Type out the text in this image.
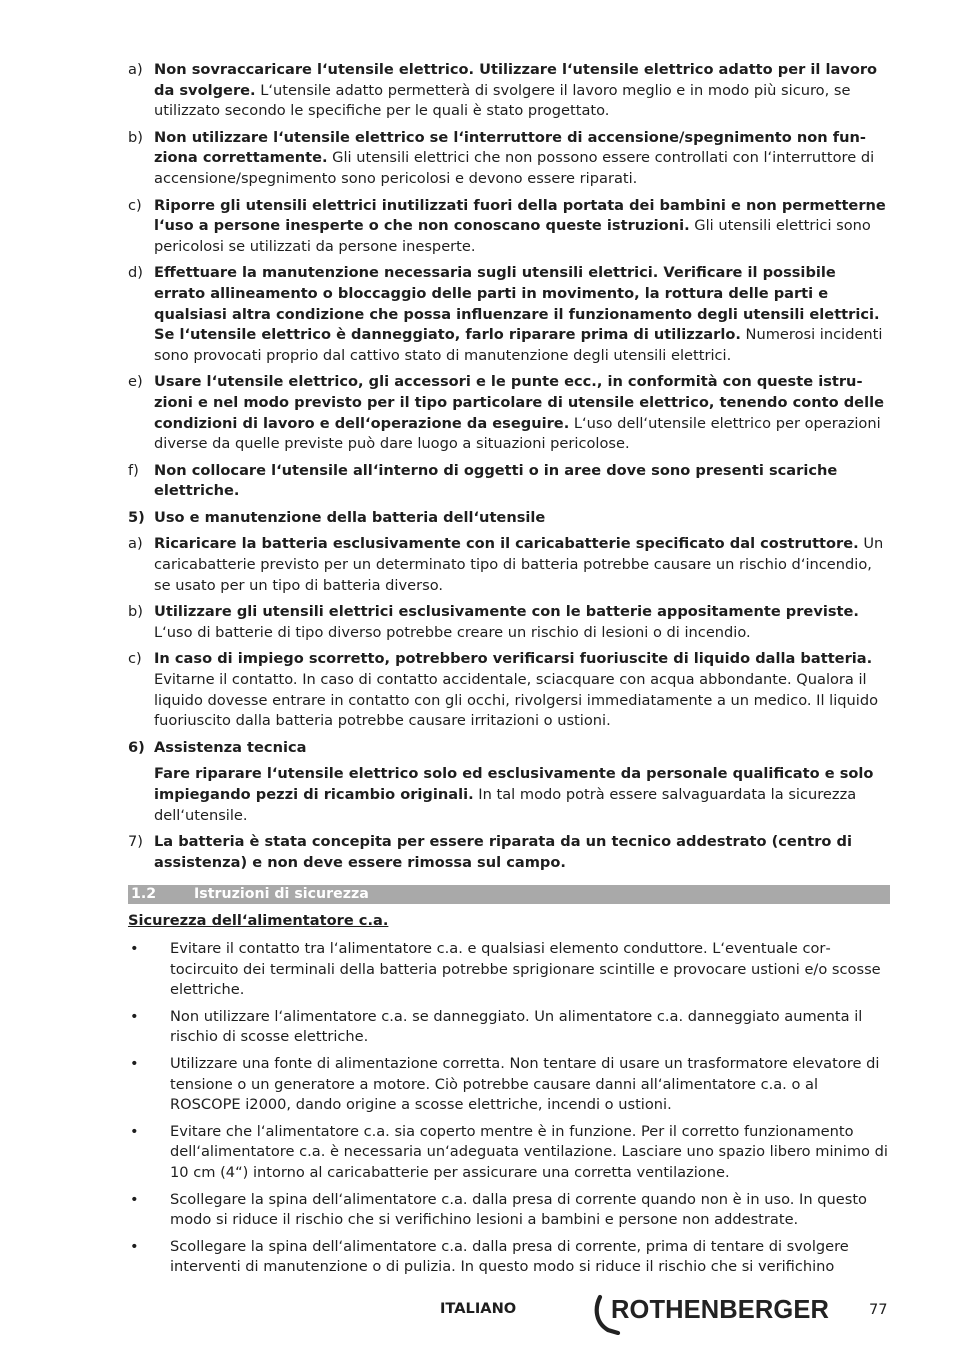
a) Non sovraccaricare l‘utensile elettrico. Utilizzare l‘utensile elettrico adatto per il lavoro da svolgere. L‘utensile adatto permetterà di svolgere il lavoro meglio e in modo più sicuro, se utilizzato secondo le specifiche per le quali è stato progettato.
b) Non utilizzare l‘utensile elettrico se l‘interruttore di accensione/spegnimento non funziona correttamente. Gli utensili elettrici che non possono essere controllati con l‘interruttore di accensione/spegnimento sono pericolosi e devono essere riparati.
c) Riporre gli utensili elettrici inutilizzati fuori della portata dei bambini e non permetterne l‘uso a persone inesperte o che non conoscano queste istruzioni. Gli utensili elettrici sono pericolosi se utilizzati da persone inesperte.
d) Effettuare la manutenzione necessaria sugli utensili elettrici. Verificare il possibile errato allineamento o bloccaggio delle parti in movimento, la rottura delle parti e qualsiasi altra condizione che possa influenzare il funzionamento degli utensili elettrici. Se l‘utensile elettrico è danneggiato, farlo riparare prima di utilizzarlo. Numerosi incidenti sono provocati proprio dal cattivo stato di manutenzione degli utensili elettrici.
e) Usare l‘utensile elettrico, gli accessori e le punte ecc., in conformità con queste istruzioni e nel modo previsto per il tipo particolare di utensile elettrico, tenendo conto delle condizioni di lavoro e dell‘operazione da eseguire. L‘uso dell‘utensile elettrico per operazioni diverse da quelle previste può dare luogo a situazioni pericolose.
f) Non collocare l‘utensile all‘interno di oggetti o in aree dove sono presenti scariche elettriche.
5) Uso e manutenzione della batteria dell‘utensile
a) Ricaricare la batteria esclusivamente con il caricabatterie specificato dal costruttore. Un caricabatterie previsto per un determinato tipo di batteria potrebbe causare un rischio d‘incendio, se usato per un tipo di batteria diverso.
b) Utilizzare gli utensili elettrici esclusivamente con le batterie appositamente previste. L‘uso di batterie di tipo diverso potrebbe creare un rischio di lesioni o di incendio.
c) In caso di impiego scorretto, potrebbero verificarsi fuoriuscite di liquido dalla batteria. Evitarne il contatto. In caso di contatto accidentale, sciacquare con acqua abbondante. Qualora il liquido dovesse entrare in contatto con gli occhi, rivolgersi immediatamente a un medico. Il liquido fuoriuscito dalla batteria potrebbe causare irritazioni o ustioni.
6) Assistenza tecnica
Fare riparare l‘utensile elettrico solo ed esclusivamente da personale qualificato e solo impiegando pezzi di ricambio originali. In tal modo potrà essere salvaguardata la sicurezza dell‘utensile.
7) La batteria è stata concepita per essere riparata da un tecnico addestrato (centro di assistenza) e non deve essere rimossa sul campo.
1.2	Istruzioni di sicurezza
Sicurezza dell‘alimentatore c.a.
• Evitare il contatto tra l‘alimentatore c.a. e qualsiasi elemento conduttore. L‘eventuale cortocircuito dei terminali della batteria potrebbe sprigionare scintille e provocare ustioni e/o scosse elettriche.
• Non utilizzare l‘alimentatore c.a. se danneggiato. Un alimentatore c.a. danneggiato aumenta il rischio di scosse elettriche.
• Utilizzare una fonte di alimentazione corretta. Non tentare di usare un trasformatore elevatore di tensione o un generatore a motore. Ciò potrebbe causare danni all‘alimentatore c.a. o al ROSCOPE i2000, dando origine a scosse elettriche, incendi o ustioni.
• Evitare che l‘alimentatore c.a. sia coperto mentre è in funzione. Per il corretto funzionamento dell‘alimentatore c.a. è necessaria un‘adeguata ventilazione. Lasciare uno spazio libero minimo di 10 cm (4“) intorno al caricabatterie per assicurare una corretta ventilazione.
• Scollegare la spina dell‘alimentatore c.a. dalla presa di corrente quando non è in uso. In questo modo si riduce il rischio che si verifichino lesioni a bambini e persone non addestrate.
• Scollegare la spina dell‘alimentatore c.a. dalla presa di corrente, prima di tentare di svolgere interventi di manutenzione o di pulizia. In questo modo si riduce il rischio che si verifichino
ITALIANO	ROTHENBERGER	77
